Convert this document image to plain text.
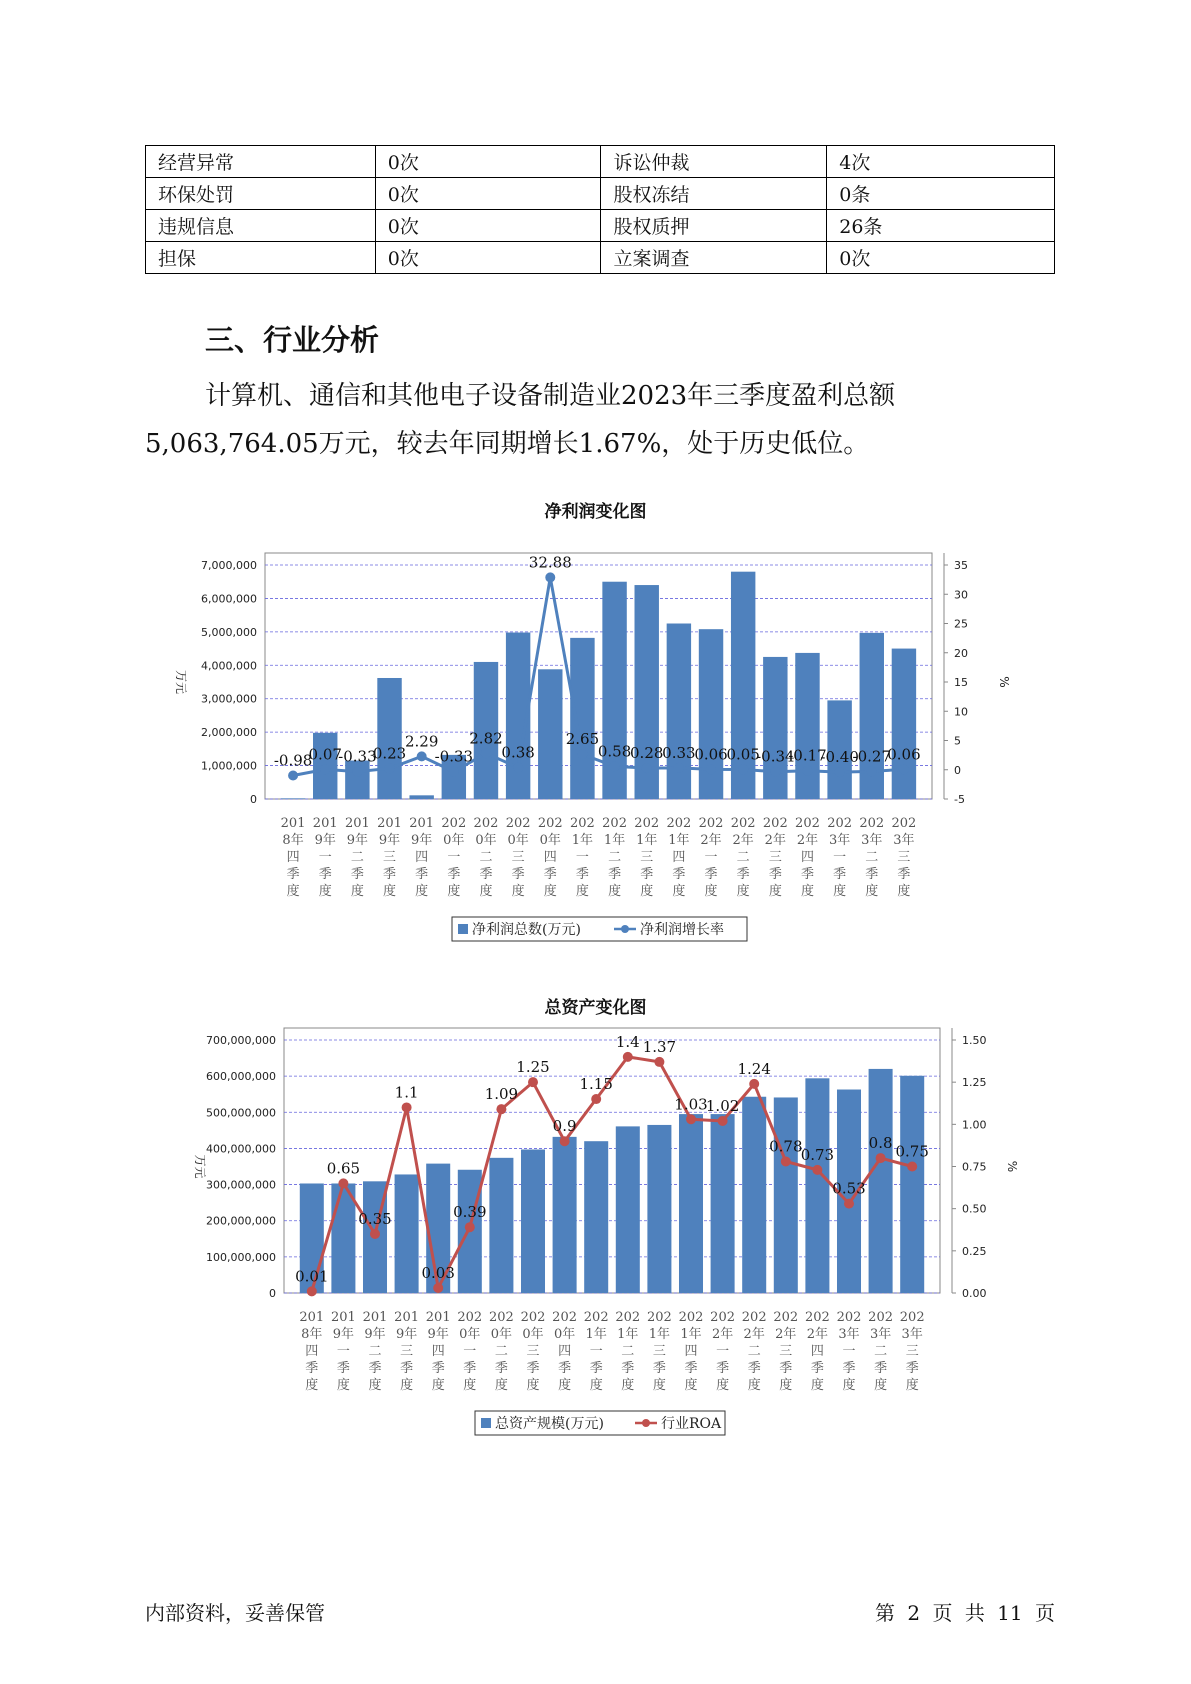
经营异常	0次	诉讼仲裁	4次
环保处罚	0次	股权冻结	0条
违规信息	0次	股权质押	26条
担保	0次	立案调查	0次
三、行业分析

计算机、通信和其他电子设备制造业2023年三季度盈利总额5,063,764.05万元，较去年同期增长1.67%，处于历史低位。

净利润变化图
0
1,000,000
2,000,000
3,000,000
4,000,000
5,000,000
6,000,000
7,000,000
-5
0
5
10
15
20
25
30
35
万元	%
201
8年
四
季
度
201
9年
一
季
度
201
9年
二
季
度
201
9年
三
季
度
201
9年
四
季
度
202
0年
一
季
度
202
0年
二
季
度
202
0年
三
季
度
202
0年
四
季
度
202
1年
一
季
度
202
1年
二
季
度
202
1年
三
季
度
202
1年
四
季
度
202
2年
一
季
度
202
2年
二
季
度
202
2年
三
季
度
202
2年
四
季
度
202
3年
一
季
度
202
3年
二
季
度
202
3年
三
季
度
-0.98
0.07
-0.33
0.23
2.29
-0.33
2.82
0.38
32.88
2.65
0.58
0.28
0.33
0.06
0.05
-0.34
-0.17
-0.40
-0.27
0.06
净利润总数(万元)	净利润增长率
总资产变化图
0
100,000,000
200,000,000
300,000,000
400,000,000
500,000,000
600,000,000
700,000,000
0.00
0.25
0.50
0.75
1.00
1.25
1.50
万元	%
201
8年
四
季
度
201
9年
一
季
度
201
9年
二
季
度
201
9年
三
季
度
201
9年
四
季
度
202
0年
一
季
度
202
0年
二
季
度
202
0年
三
季
度
202
0年
四
季
度
202
1年
一
季
度
202
1年
二
季
度
202
1年
三
季
度
202
1年
四
季
度
202
2年
一
季
度
202
2年
二
季
度
202
2年
三
季
度
202
2年
四
季
度
202
3年
一
季
度
202
3年
二
季
度
202
3年
三
季
度
0.01
0.65
0.35
1.1
0.03
0.39
1.09
1.25
0.9
1.15
1.4 1.37
1.03
1.02
1.24
0.78
0.73
0.53
0.8 0.75
总资产规模(万元)	行业ROA
内部资料，妥善保管	第 2 页 共 11 页
